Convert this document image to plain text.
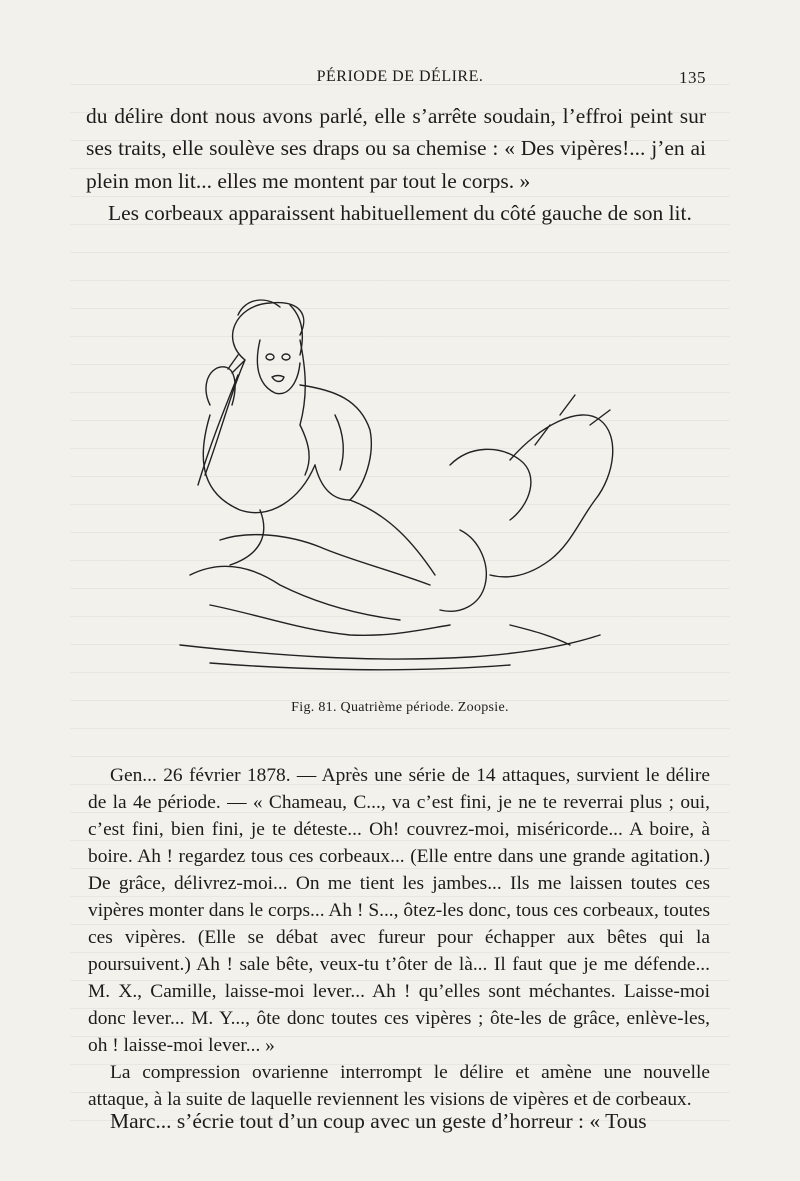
PÉRIODE DE DÉLIRE.	135

du délire dont nous avons parlé, elle s’arrête soudain, l’effroi peint sur ses traits, elle soulève ses draps ou sa chemise : « Des vipères!... j’en ai plein mon lit... elles me montent par tout le corps. »

Les corbeaux apparaissent habituellement du côté gauche de son lit.

Fig. 81. Quatrième période. Zoopsie.

Gen... 26 février 1878. — Après une série de 14 attaques, survient le délire de la 4e période. — « Chameau, C..., va c’est fini, je ne te reverrai plus ; oui, c’est fini, bien fini, je te déteste... Oh! couvrez-moi, miséricorde... A boire, à boire. Ah ! regardez tous ces corbeaux... (Elle entre dans une grande agitation.) De grâce, délivrez-moi... On me tient les jambes... Ils me laissen toutes ces vipères monter dans le corps... Ah ! S..., ôtez-les donc, tous ces corbeaux, toutes ces vipères. (Elle se débat avec fureur pour échapper aux bêtes qui la poursuivent.) Ah ! sale bête, veux-tu t’ôter de là... Il faut que je me défende... M. X., Camille, laisse-moi lever... Ah ! qu’elles sont méchantes. Laisse-moi donc lever... M. Y..., ôte donc toutes ces vipères ; ôte-les de grâce, enlève-les, oh ! laisse-moi lever... »

La compression ovarienne interrompt le délire et amène une nouvelle attaque, à la suite de laquelle reviennent les visions de vipères et de corbeaux.

Marc... s’écrie tout d’un coup avec un geste d’horreur : « Tous
